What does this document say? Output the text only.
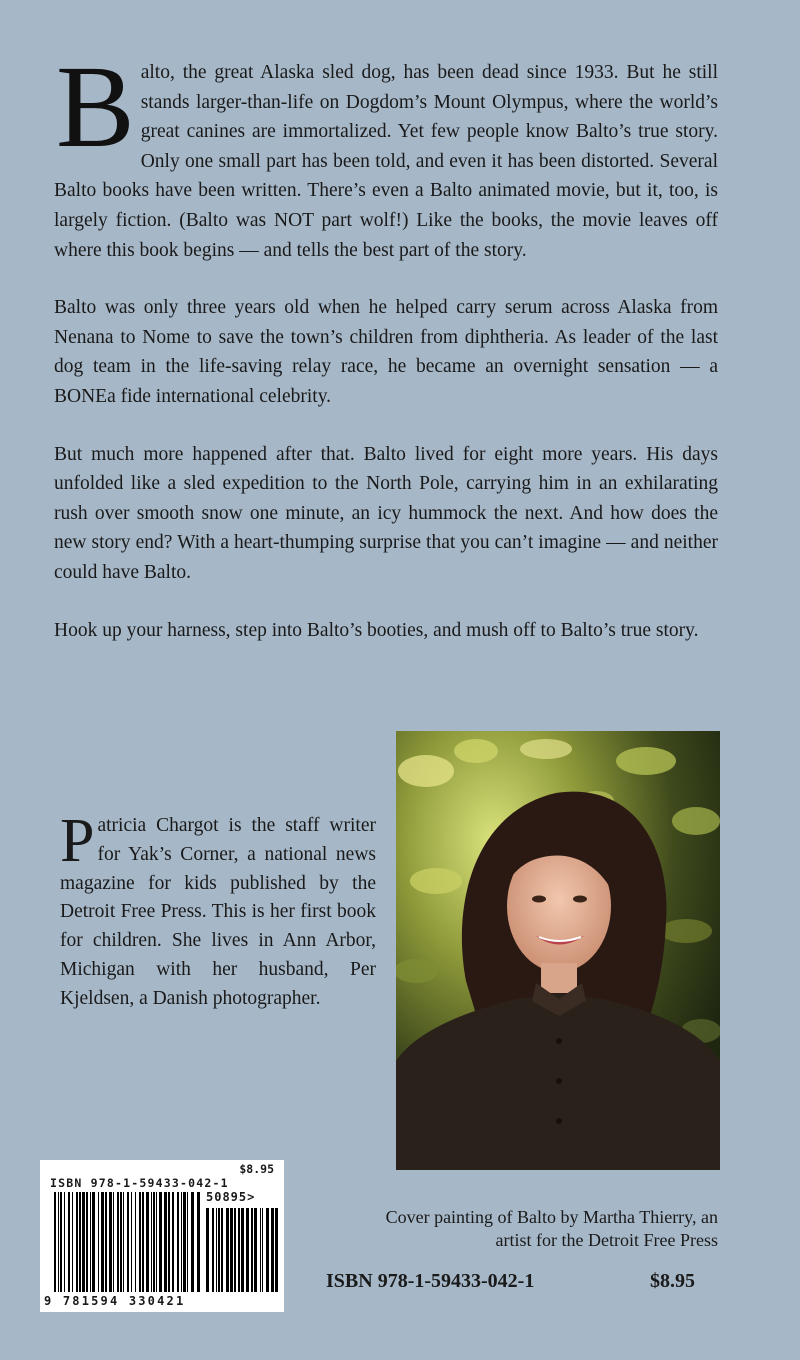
Balto, the great Alaska sled dog, has been dead since 1933. But he still stands larger-than-life on Dogdom’s Mount Olympus, where the world’s great canines are immortalized. Yet few people know Balto’s true story. Only one small part has been told, and even it has been distorted. Several Balto books have been written. There’s even a Balto animated movie, but it, too, is largely fiction. (Balto was NOT part wolf!) Like the books, the movie leaves off where this book begins — and tells the best part of the story.

Balto was only three years old when he helped carry serum across Alaska from Nenana to Nome to save the town’s children from diphtheria. As leader of the last dog team in the life-saving relay race, he became an overnight sensation — a BONEa fide international celebrity.

But much more happened after that. Balto lived for eight more years. His days unfolded like a sled expedition to the North Pole, carrying him in an exhilarating rush over smooth snow one minute, an icy hummock the next. And how does the new story end? With a heart-thumping surprise that you can’t imagine — and neither could have Balto.

Hook up your harness, step into Balto’s booties, and mush off to Balto’s true story.

Patricia Chargot is the staff writer for Yak’s Corner, a national news magazine for kids published by the Detroit Free Press. This is her first book for children. She lives in Ann Arbor, Michigan with her husband, Per Kjeldsen, a Danish photographer.
Cover painting of Balto by Martha Thierry, an artist for the Detroit Free Press
ISBN 978-1-59433-042-1	$8.95
$8.95
ISBN 978-1-59433-042-1
50895>
9 781594 330421
